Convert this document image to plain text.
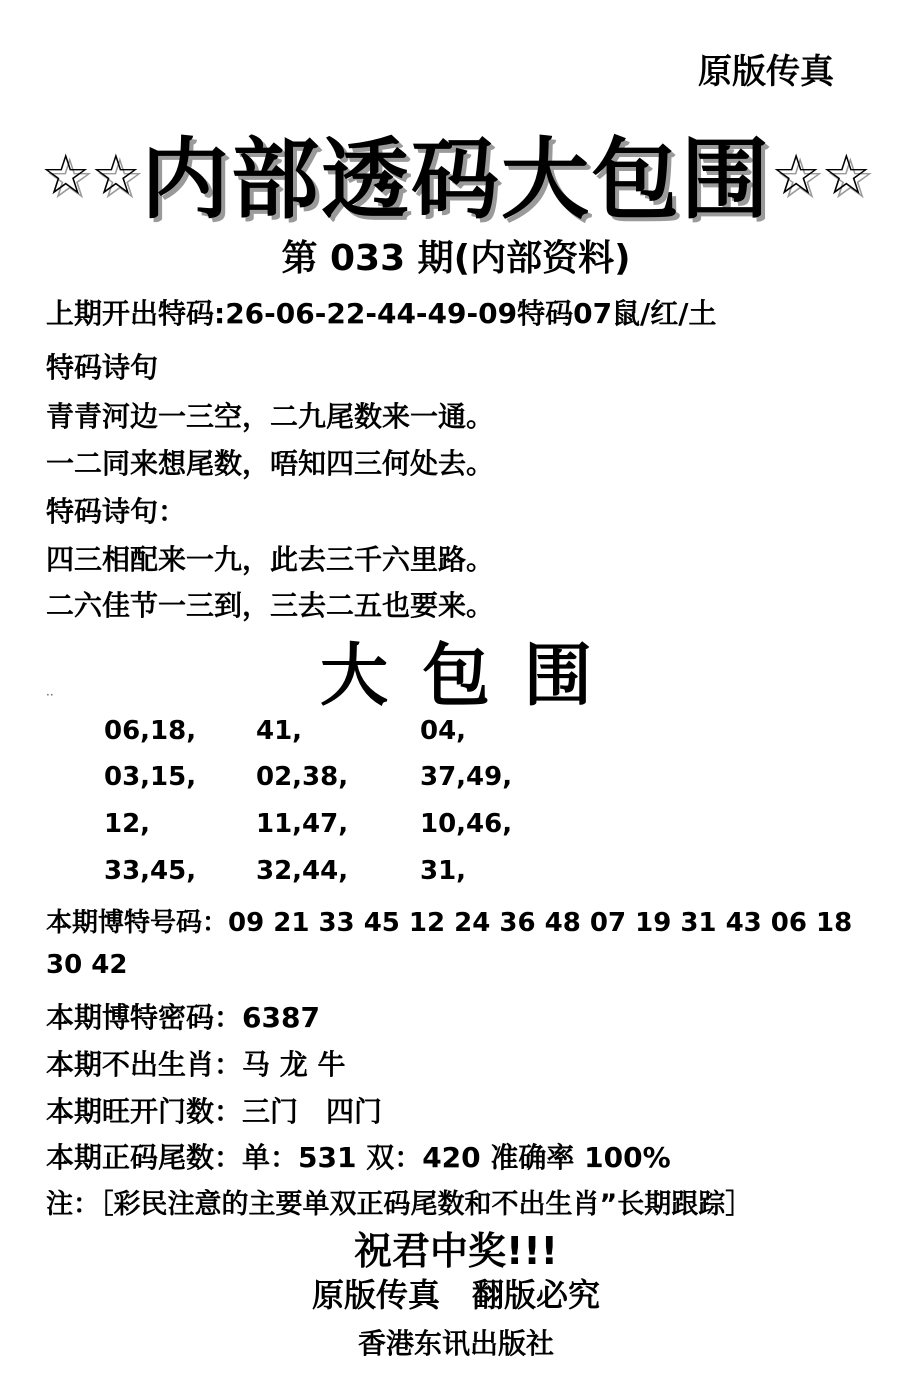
原版传真
☆☆内部透码大包围☆☆
第 033 期(内部资料)
上期开出特码:26-06-22-44-49-09特码07鼠/红/土
特码诗句
青青河边一三空，二九尾数来一通。
一二同来想尾数，唔知四三何处去。
特码诗句：
四三相配来一九，此去三千六里路。
二六佳节一三到，三去二五也要来。
大包围
··
06,18, 41,	04,
03,15, 02,38,	37,49,
12,	11,47,	10,46,
33,45, 32,44,	31,
本期博特号码：09 21 33 45 12 24 36 48 07 19 31 43 06 18
30 42
本期博特密码：6387
本期不出生肖：马 龙 牛
本期旺开门数：三门　四门
本期正码尾数：单：531 双：420 准确率 100%
注：［彩民注意的主要单双正码尾数和不出生肖”长期跟踪］
祝君中奖!!!
原版传真　翻版必究
香港东讯出版社
